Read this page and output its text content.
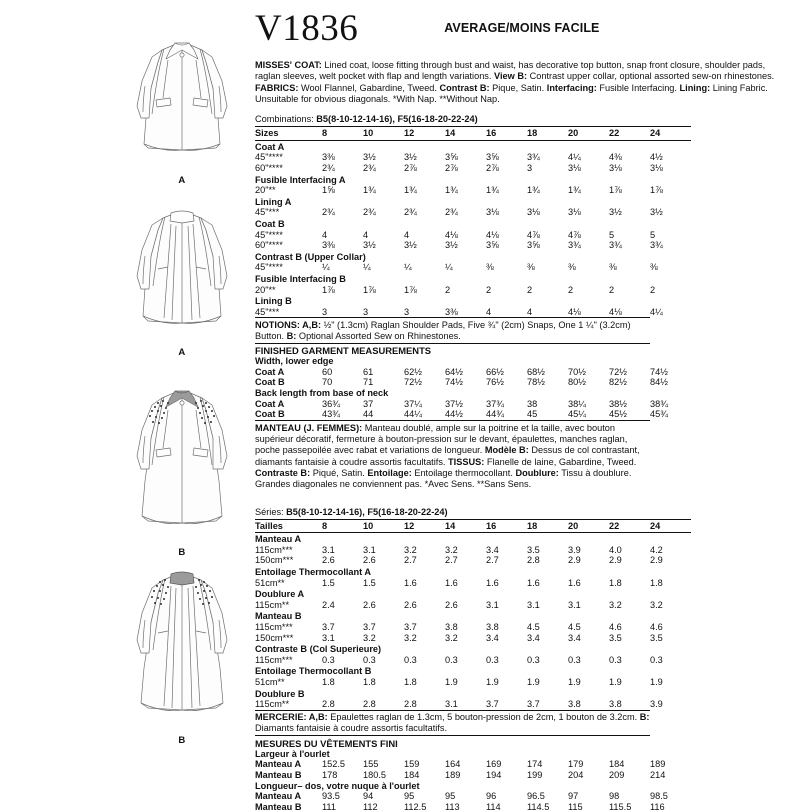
A
A
B
B
V1836	AVERAGE/MOINS FACILE

MISSES' COAT: Lined coat, loose fitting through bust and waist, has decorative top button, snap front closure, shoulder pads, raglan sleeves, welt pocket with flap and length variations. View B: Contrast upper collar, optional assorted sew-on rhinestones. FABRICS: Wool Flannel, Gabardine, Tweed. Contrast B: Pique, Satin. Interfacing: Fusible Interfacing. Lining: Lining Fabric. Unsuitable for obvious diagonals. *With Nap. **Without Nap.

Combinations: B5(8-10-12-14-16), F5(16-18-20-22-24)

Sizes	8	10	12	14	16	18	20	22	24
Coat A									
45"****	3⅜	3½	3½	3⅝	3⅝	3¾	4¼	4⅜	4½
60"****	2¾	2¾	2⅞	2⅞	2⅞	3	3⅛	3⅛	3⅛
Fusible Interfacing A									
20"**	1⅝	1¾	1¾	1¾	1¾	1¾	1¾	1⅞	1⅞
Lining A									
45"***	2¾	2¾	2¾	2¾	3⅛	3⅛	3⅛	3½	3½
Coat B									
45"****	4	4	4	4⅛	4⅛	4⅞	4⅞	5	5
60"****	3⅜	3½	3½	3½	3⅝	3⅝	3¾	3¾	3¾
Contrast B (Upper Collar)									
45"****	¼	¼	¼	¼	⅜	⅜	⅜	⅜	⅜
Fusible Interfacing B									
20"**	1⅞	1⅞	1⅞	2	2	2	2	2	2
Lining B									
45"***	3	3	3	3⅜	4	4	4⅛	4⅛	4¼

NOTIONS: A,B: ½" (1.3cm) Raglan Shoulder Pads, Five ¾" (2cm) Snaps, One 1 ¼" (3.2cm) Button. B: Optional Assorted Sew on Rhinestones.

FINISHED GARMENT MEASUREMENTS

Width, lower edge									
Coat A	60	61	62½	64½	66½	68½	70½	72½	74½
Coat B	70	71	72½	74½	76½	78½	80½	82½	84½
Back length from base of neck									
Coat A	36¾	37	37¼	37½	37¾	38	38¼	38½	38¾
Coat B	43¾	44	44¼	44½	44¾	45	45¼	45½	45¾

MANTEAU (J. FEMMES): Manteau doublé, ample sur la poitrine et la taille, avec bouton supérieur décoratif, fermeture à bouton-pression sur le devant, épaulettes, manches raglan, poche passepoilée avec rabat et variations de longueur. Modèle B: Dessus de col contrastant, diamants fantaisie à coudre assortis facultatifs. TISSUS: Flanelle de laine, Gabardine, Tweed. Contraste B: Piqué, Satin. Entoilage: Entoilage thermocollant. Doublure: Tissu à doublure. Grandes diagonales ne conviennent pas. *Avec Sens. **Sans Sens.

Séries: B5(8-10-12-14-16), F5(16-18-20-22-24)

Tailles	8	10	12	14	16	18	20	22	24
Manteau A									
115cm***	3.1	3.1	3.2	3.2	3.4	3.5	3.9	4.0	4.2
150cm***	2.6	2.6	2.7	2.7	2.7	2.8	2.9	2.9	2.9
Entoilage Thermocollant A									
51cm**	1.5	1.5	1.6	1.6	1.6	1.6	1.6	1.8	1.8
Doublure A									
115cm**	2.4	2.6	2.6	2.6	3.1	3.1	3.1	3.2	3.2
Manteau B									
115cm***	3.7	3.7	3.7	3.8	3.8	4.5	4.5	4.6	4.6
150cm***	3.1	3.2	3.2	3.2	3.4	3.4	3.4	3.5	3.5
Contraste B (Col Superieure)									
115cm***	0.3	0.3	0.3	0.3	0.3	0.3	0.3	0.3	0.3
Entoilage Thermocollant B									
51cm**	1.8	1.8	1.8	1.9	1.9	1.9	1.9	1.9	1.9
Doublure B									
115cm**	2.8	2.8	2.8	3.1	3.7	3.7	3.8	3.8	3.9

MERCERIE: A,B: Epaulettes raglan de 1.3cm, 5 bouton-pression de 2cm, 1 bouton de 3.2cm. B: Diamants fantaisie à coudre assortis facultatifs.

MESURES DU VÊTEMENTS FINI

Largeur à l'ourlet									
Manteau A	152.5	155	159	164	169	174	179	184	189
Manteau B	178	180.5	184	189	194	199	204	209	214
Longueur– dos, votre nuque à l'ourlet									
Manteau A	93.5	94	95	95	96	96.5	97	98	98.5
Manteau B	111	112	112.5	113	114	114.5	115	115.5	116
